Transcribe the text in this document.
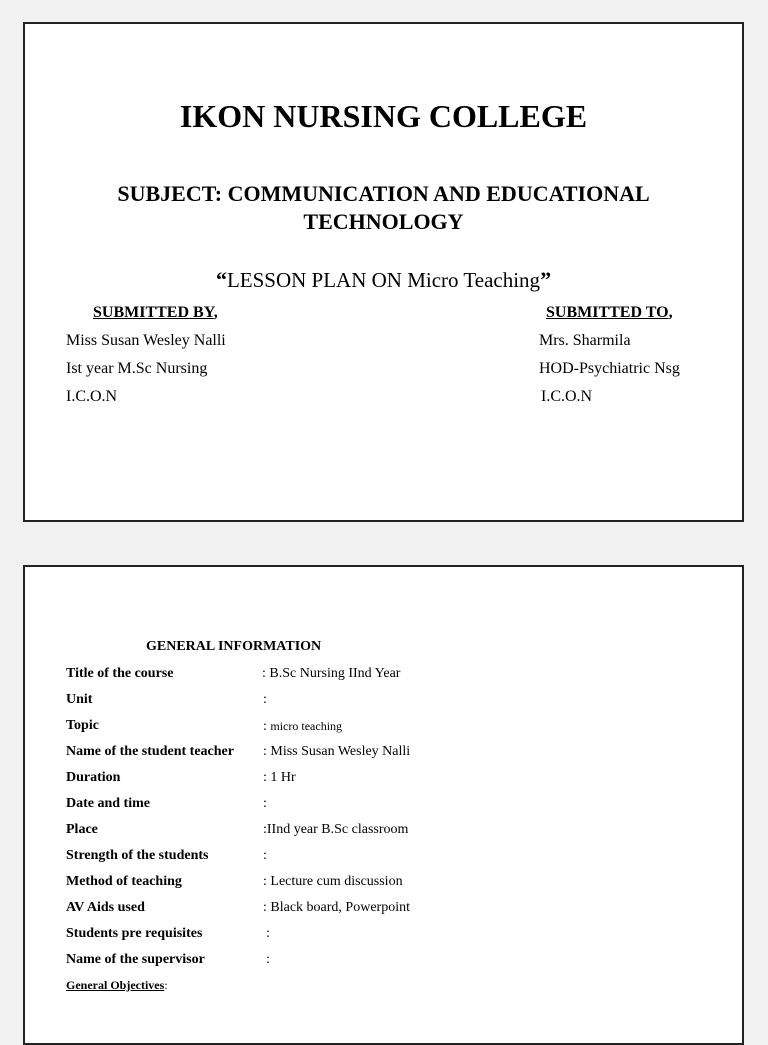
IKON NURSING COLLEGE
SUBJECT: COMMUNICATION AND EDUCATIONAL
TECHNOLOGY
“LESSON PLAN ON Micro Teaching”
SUBMITTED BY,
Miss Susan Wesley Nalli
Ist year M.Sc Nursing
I.C.O.N
SUBMITTED TO,
Mrs. Sharmila
HOD-Psychiatric Nsg
I.C.O.N
GENERAL INFORMATION
Title of the course	: B.Sc Nursing IInd Year
Unit	:
Topic	: micro teaching
Name of the student teacher : Miss Susan Wesley Nalli
Duration	: 1 Hr
Date and time	:
Place	:IInd year B.Sc classroom
Strength of the students	:
Method of teaching	: Lecture cum discussion
AV Aids used	: Black board, Powerpoint
Students pre requisites	:
Name of the supervisor	:
General Objectives:
